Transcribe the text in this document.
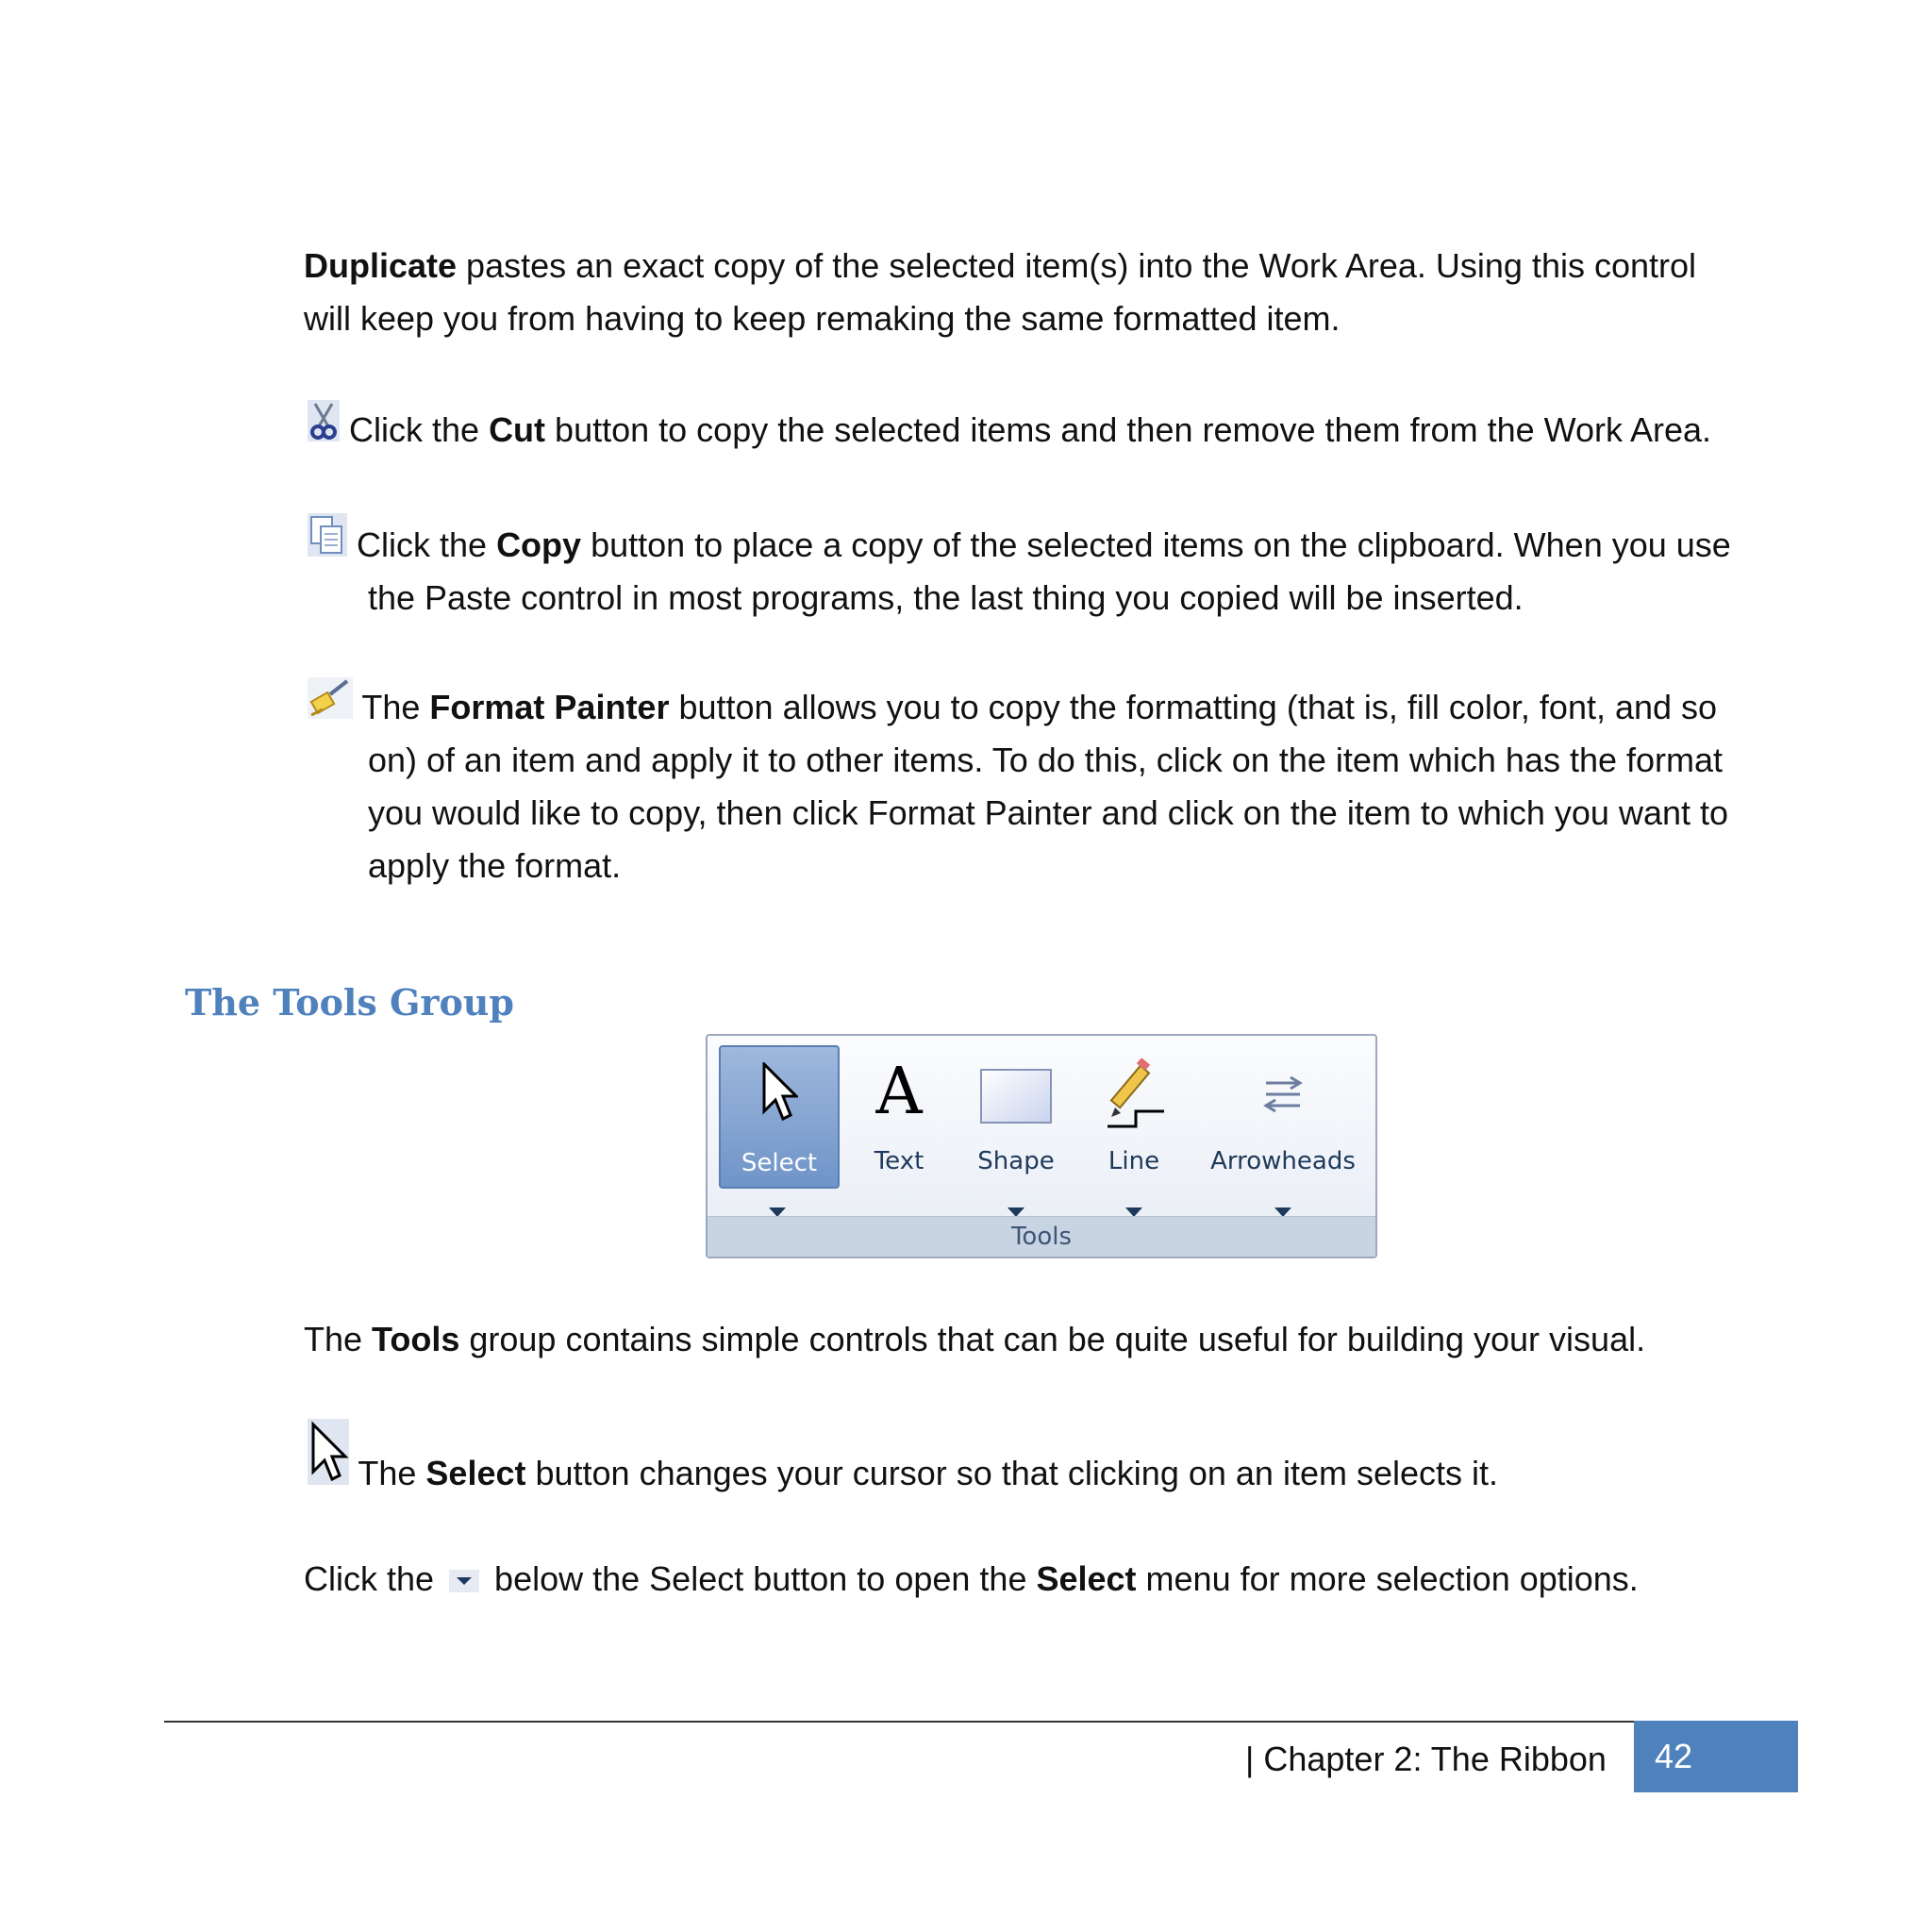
Duplicate pastes an exact copy of the selected item(s) into the Work Area. Using this control
will keep you from having to keep remaking the same formatted item.

Click the Cut button to copy the selected items and then remove them from the Work Area.

Click the Copy button to place a copy of the selected items on the clipboard. When you use
the Paste control in most programs, the last thing you copied will be inserted.

The Format Painter button allows you to copy the formatting (that is, fill color, font, and so
on) of an item and apply it to other items. To do this, click on the item which has the format
you would like to copy, then click Format Painter and click on the item to which you want to
apply the format.

The Tools Group
Select
A
Text	Shape	Line	Arrowheads
Tools

The Tools group contains simple controls that can be quite useful for building your visual.

The Select button changes your cursor so that clicking on an item selects it.

Click the  below the Select button to open the Select menu for more selection options.

| Chapter 2: The Ribbon	42
